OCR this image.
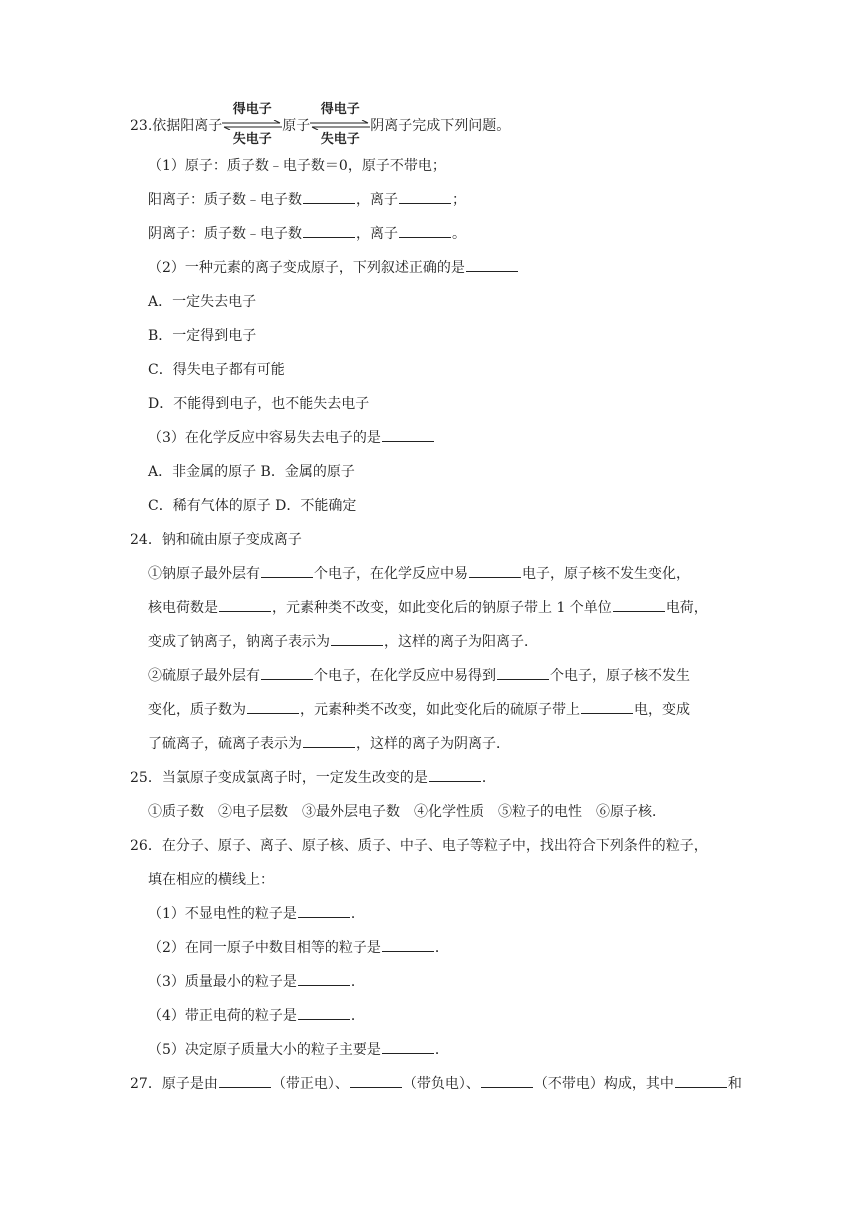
23.依据阳离子
得电子
失电子
原子
得电子
失电子
阴离子完成下列问题。
（1）原子：质子数﹣电子数＝0，原子不带电；
阳离子：质子数﹣电子数	，离子	；
阴离子：质子数﹣电子数	，离子	。
（2）一种元素的离子变成原子，下列叙述正确的是
A．一定失去电子
B．一定得到电子
C．得失电子都有可能
D．不能得到电子，也不能失去电子
（3）在化学反应中容易失去电子的是
A．非金属的原子 B．金属的原子
C．稀有气体的原子 D．不能确定
24．钠和硫由原子变成离子
①钠原子最外层有	个电子，在化学反应中易	电子，原子核不发生变化，
核电荷数是	，元素种类不改变，如此变化后的钠原子带上 1 个单位	电荷，
变成了钠离子，钠离子表示为	，这样的离子为阳离子．
②硫原子最外层有	个电子，在化学反应中易得到	个电子，原子核不发生
变化，质子数为	，元素种类不改变，如此变化后的硫原子带上	电，变成
了硫离子，硫离子表示为	，这样的离子为阴离子．
25．当氯原子变成氯离子时，一定发生改变的是	．
①质子数　②电子层数　③最外层电子数　④化学性质　⑤粒子的电性　⑥原子核．
26．在分子、原子、离子、原子核、质子、中子、电子等粒子中，找出符合下列条件的粒子，
填在相应的横线上：
（1）不显电性的粒子是	．
（2）在同一原子中数目相等的粒子是	．
（3）质量最小的粒子是	．
（4）带正电荷的粒子是	．
（5）决定原子质量大小的粒子主要是	．
27．原子是由	（带正电）、	（带负电）、	（不带电）构成，其中	和
